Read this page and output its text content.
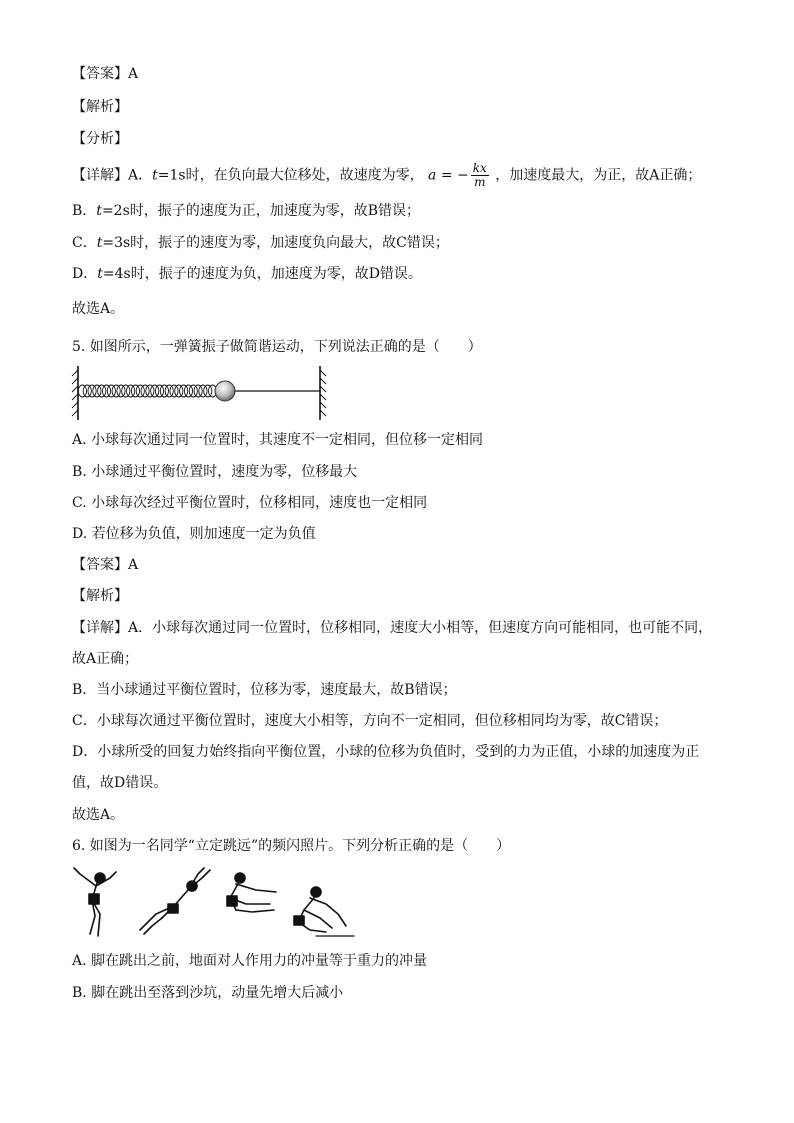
【答案】A
【解析】
【分析】
【详解】A．t=1s时，在负向最大位移处，故速度为零， a = − $\frac{kx}{m}$ ，加速度最大，为正，故A正确；
B．t=2s时，振子的速度为正，加速度为零，故B错误；
C．t=3s时，振子的速度为零，加速度负向最大，故C错误；
D．t=4s时，振子的速度为负，加速度为零，故D错误。
故选A。
5. 如图所示，一弹簧振子做简谐运动，下列说法正确的是（　　）
A. 小球每次通过同一位置时，其速度不一定相同，但位移一定相同
B. 小球通过平衡位置时，速度为零，位移最大
C. 小球每次经过平衡位置时，位移相同，速度也一定相同
D. 若位移为负值，则加速度一定为负值
【答案】A
【解析】
【详解】A．小球每次通过同一位置时，位移相同，速度大小相等，但速度方向可能相同，也可能不同，
故A正确；
B．当小球通过平衡位置时，位移为零，速度最大，故B错误；
C．小球每次通过平衡位置时，速度大小相等，方向不一定相同，但位移相同均为零，故C错误；
D．小球所受的回复力始终指向平衡位置，小球的位移为负值时，受到的力为正值，小球的加速度为正
值，故D错误。
故选A。
6. 如图为一名同学“立定跳远”的频闪照片。下列分析正确的是（　　）
A. 脚在跳出之前，地面对人作用力的冲量等于重力的冲量
B. 脚在跳出至落到沙坑，动量先增大后减小
